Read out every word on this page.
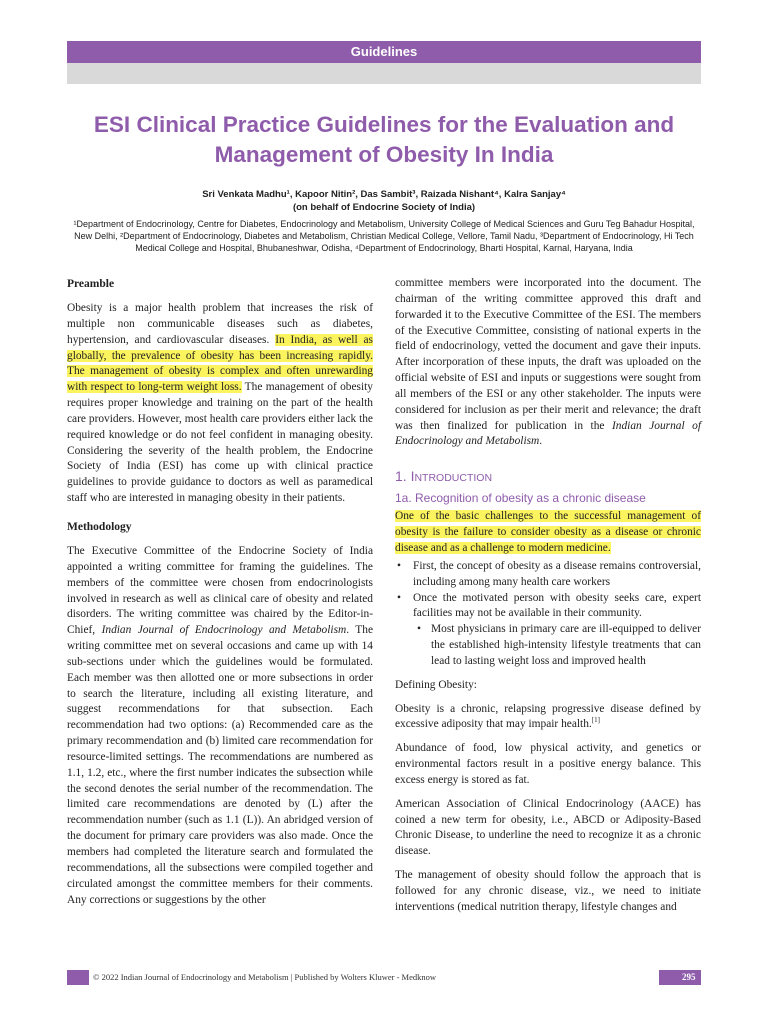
Guidelines
ESI Clinical Practice Guidelines for the Evaluation and
Management of Obesity In India
Sri Venkata Madhu¹, Kapoor Nitin², Das Sambit³, Raizada Nishant⁴, Kalra Sanjay⁴
(on behalf of Endocrine Society of India)
¹Department of Endocrinology, Centre for Diabetes, Endocrinology and Metabolism, University College of Medical Sciences and Guru Teg Bahadur Hospital, New Delhi, ²Department of Endocrinology, Diabetes and Metabolism, Christian Medical College, Vellore, Tamil Nadu, ³Department of Endocrinology, Hi Tech Medical College and Hospital, Bhubaneshwar, Odisha, ⁴Department of Endocrinology, Bharti Hospital, Karnal, Haryana, India
Preamble

Obesity is a major health problem that increases the risk of multiple non communicable diseases such as diabetes, hypertension, and cardiovascular diseases. In India, as well as globally, the prevalence of obesity has been increasing rapidly. The management of obesity is complex and often unrewarding with respect to long-term weight loss. The management of obesity requires proper knowledge and training on the part of the health care providers. However, most health care providers either lack the required knowledge or do not feel confident in managing obesity. Considering the severity of the health problem, the Endocrine Society of India (ESI) has come up with clinical practice guidelines to provide guidance to doctors as well as paramedical staff who are interested in managing obesity in their patients.

Methodology

The Executive Committee of the Endocrine Society of India appointed a writing committee for framing the guidelines. The members of the committee were chosen from endocrinologists involved in research as well as clinical care of obesity and related disorders. The writing committee was chaired by the Editor-in-Chief, Indian Journal of Endocrinology and Metabolism. The writing committee met on several occasions and came up with 14 sub-sections under which the guidelines would be formulated. Each member was then allotted one or more subsections in order to search the literature, including all existing literature, and suggest recommendations for that subsection. Each recommendation had two options: (a) Recommended care as the primary recommendation and (b) limited care recommendation for resource-limited settings. The recommendations are numbered as 1.1, 1.2, etc., where the first number indicates the subsection while the second denotes the serial number of the recommendation. The limited care recommendations are denoted by (L) after the recommendation number (such as 1.1 (L)). An abridged version of the document for primary care providers was also made. Once the members had completed the literature search and formulated the recommendations, all the subsections were compiled together and circulated amongst the committee members for their comments. Any corrections or suggestions by the other

committee members were incorporated into the document. The chairman of the writing committee approved this draft and forwarded it to the Executive Committee of the ESI. The members of the Executive Committee, consisting of national experts in the field of endocrinology, vetted the document and gave their inputs. After incorporation of these inputs, the draft was uploaded on the official website of ESI and inputs or suggestions were sought from all members of the ESI or any other stakeholder. The inputs were considered for inclusion as per their merit and relevance; the draft was then finalized for publication in the Indian Journal of Endocrinology and Metabolism.

1. INTRODUCTION
1a. Recognition of obesity as a chronic disease

One of the basic challenges to the successful management of obesity is the failure to consider obesity as a disease or chronic disease and as a challenge to modern medicine.

• First, the concept of obesity as a disease remains controversial, including among many health care workers
• Once the motivated person with obesity seeks care, expert facilities may not be available in their community.
• Most physicians in primary care are ill-equipped to deliver the established high-intensity lifestyle treatments that can lead to lasting weight loss and improved health

Defining Obesity:

Obesity is a chronic, relapsing progressive disease defined by excessive adiposity that may impair health.[1]

Abundance of food, low physical activity, and genetics or environmental factors result in a positive energy balance. This excess energy is stored as fat.

American Association of Clinical Endocrinology (AACE) has coined a new term for obesity, i.e., ABCD or Adiposity-Based Chronic Disease, to underline the need to recognize it as a chronic disease.

The management of obesity should follow the approach that is followed for any chronic disease, viz., we need to initiate interventions (medical nutrition therapy, lifestyle changes and

© 2022 Indian Journal of Endocrinology and Metabolism | Published by Wolters Kluwer - Medknow	295
